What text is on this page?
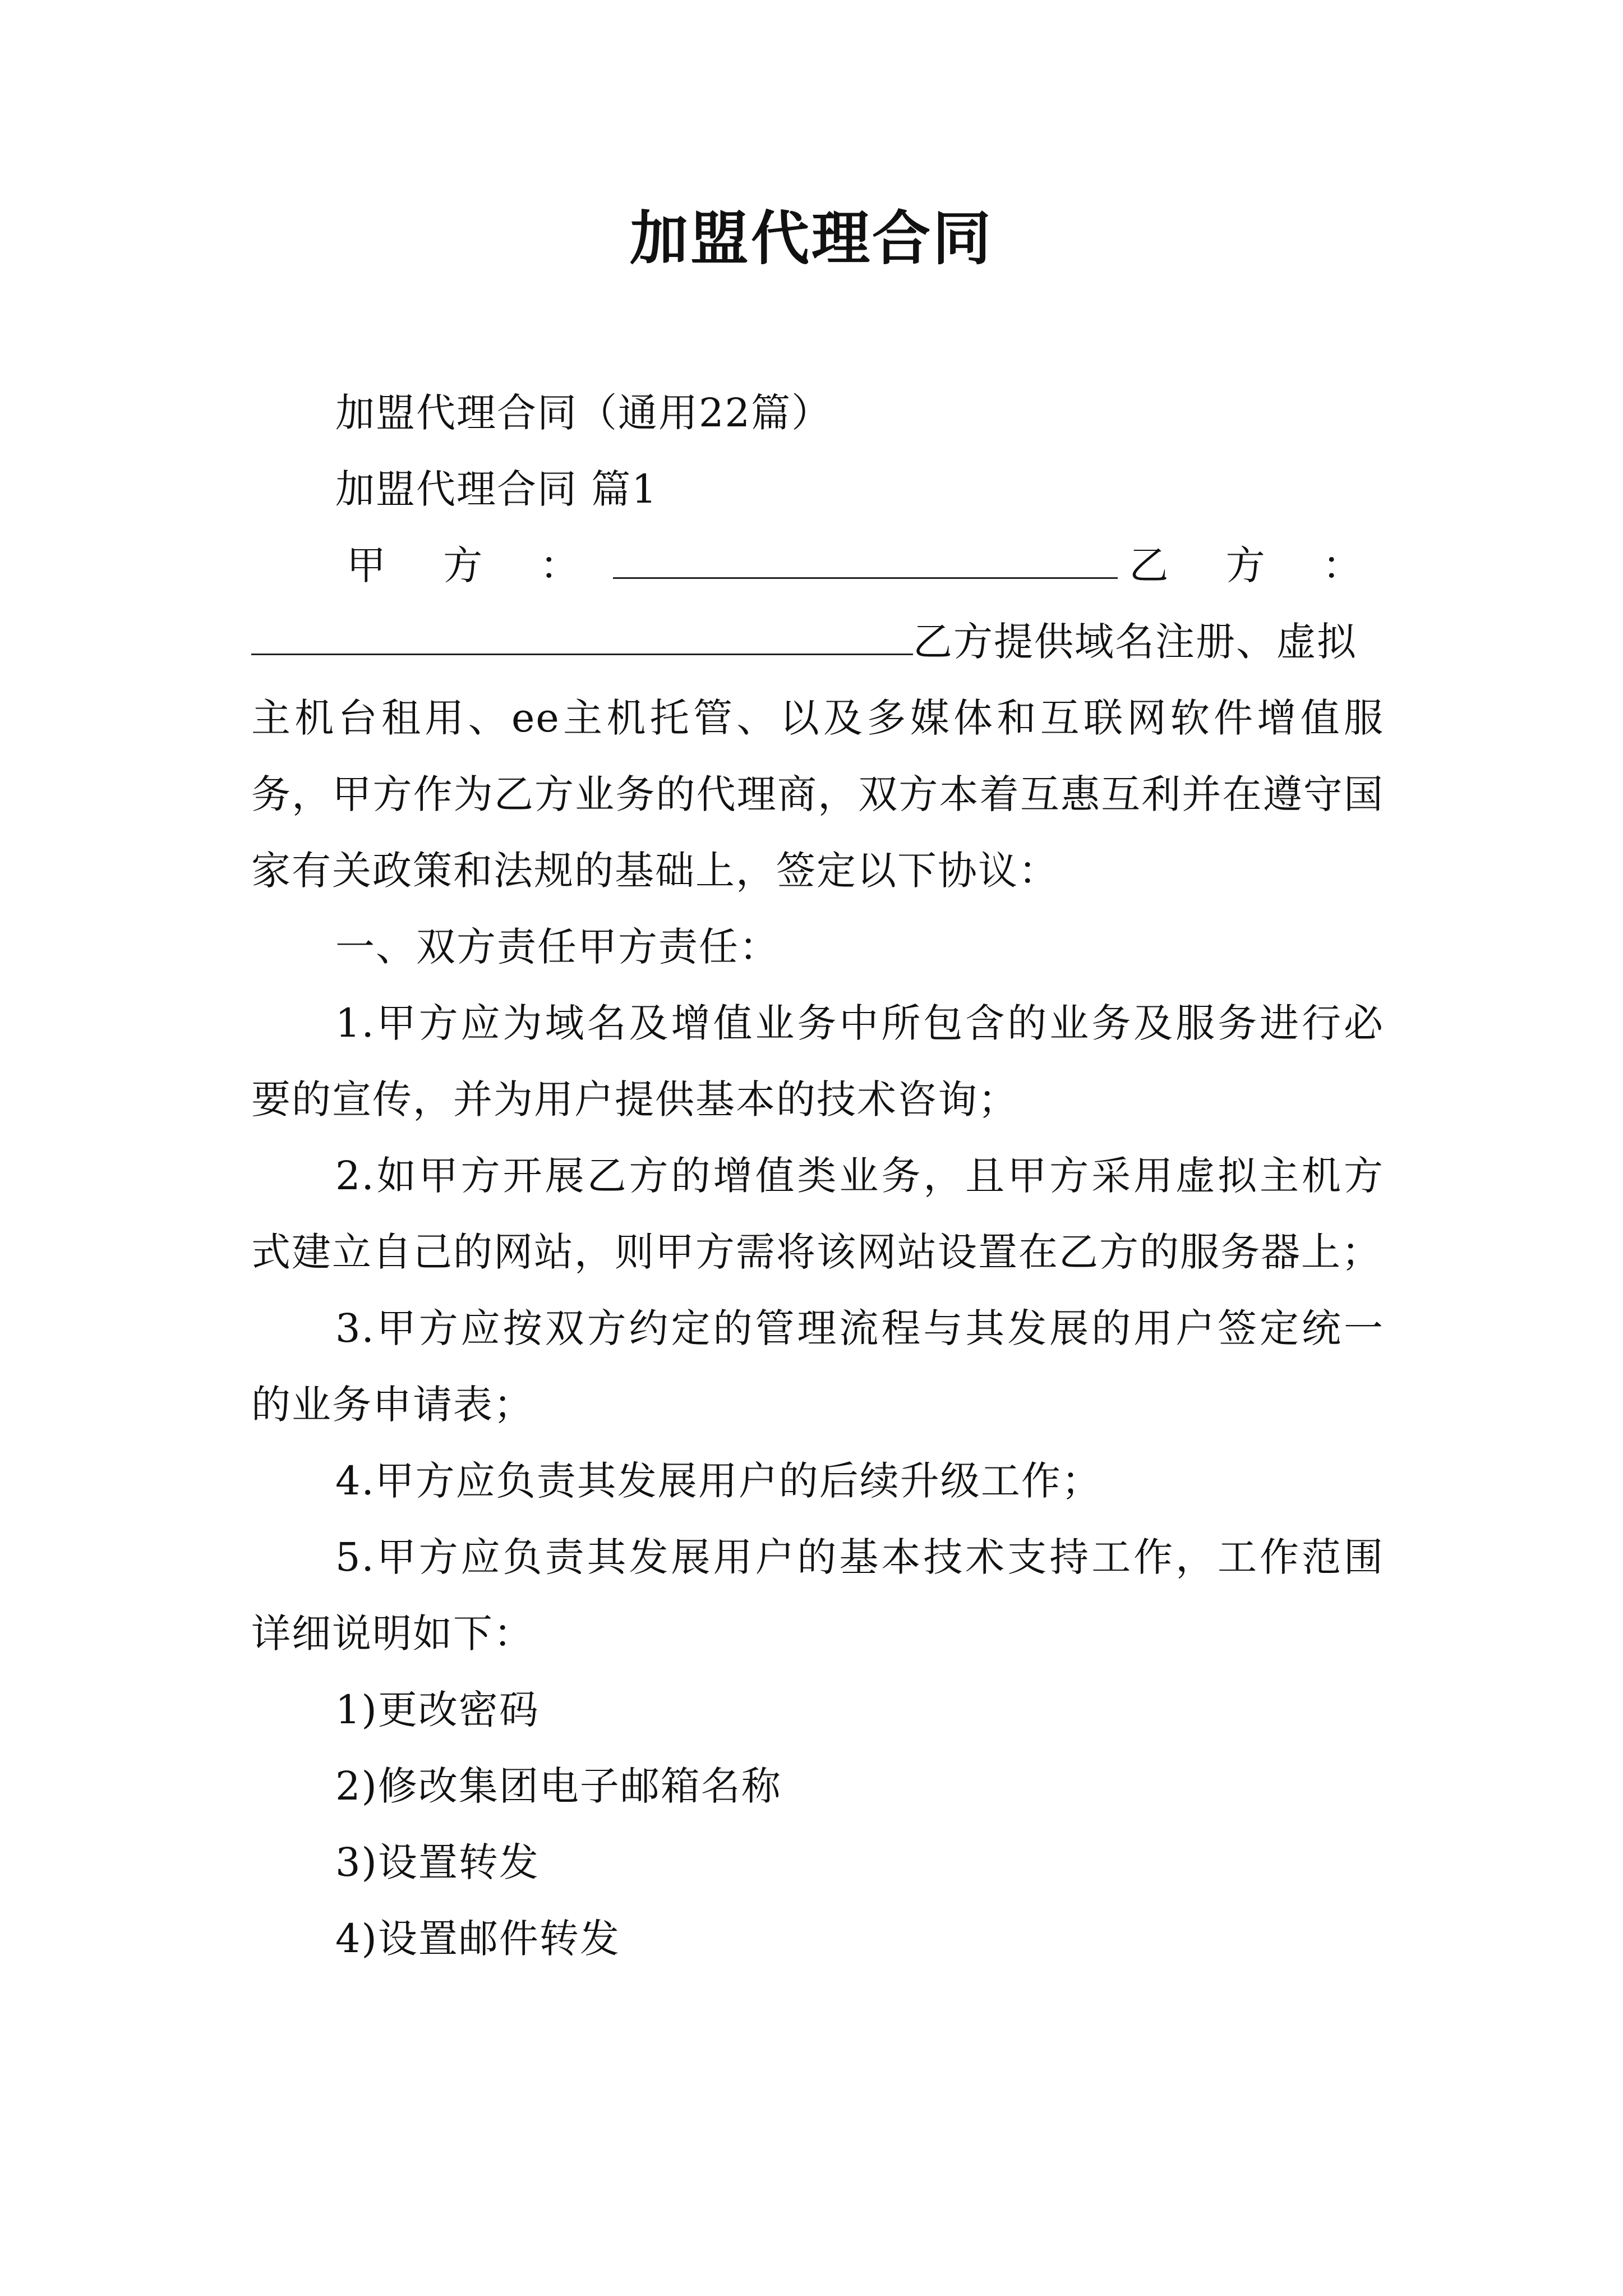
加盟代理合同

加盟代理合同（通用22篇）

加盟代理合同 篇1

甲 方 ：	乙 方 ：

乙方提供域名注册、虚拟

主机台租用、ee主机托管、以及多媒体和互联网软件增值服务，甲方作为乙方业务的代理商，双方本着互惠互利并在遵守国家有关政策和法规的基础上，签定以下协议：

一、双方责任甲方责任：

1.甲方应为域名及增值业务中所包含的业务及服务进行必要的宣传，并为用户提供基本的技术咨询；

2.如甲方开展乙方的增值类业务，且甲方采用虚拟主机方式建立自己的网站，则甲方需将该网站设置在乙方的服务器上；

3.甲方应按双方约定的管理流程与其发展的用户签定统一的业务申请表；

4.甲方应负责其发展用户的后续升级工作；

5.甲方应负责其发展用户的基本技术支持工作，工作范围详细说明如下：

1)更改密码

2)修改集团电子邮箱名称

3)设置转发

4)设置邮件转发
